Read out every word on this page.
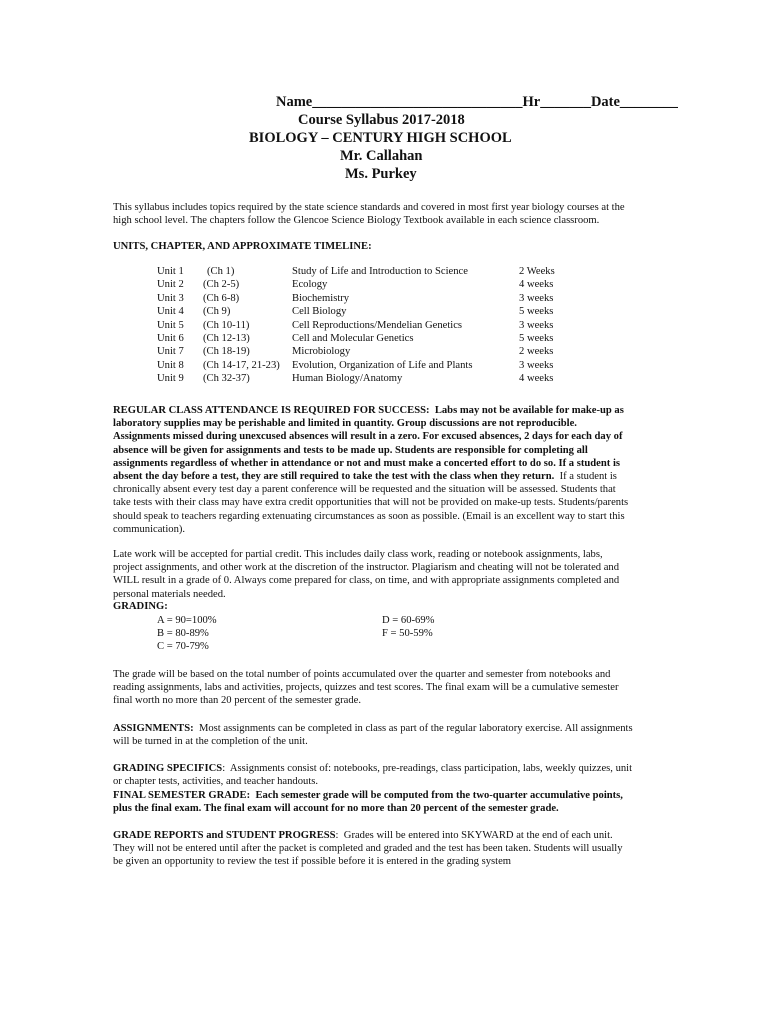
Name_____________________________Hr_______Date________
Course Syllabus 2017-2018
BIOLOGY – CENTURY HIGH SCHOOL
Mr. Callahan
Ms. Purkey
This syllabus includes topics required by the state science standards and covered in most first year biology courses at the high school level. The chapters follow the Glencoe Science Biology Textbook available in each science classroom.
UNITS, CHAPTER, AND APPROXIMATE TIMELINE:
Unit 1 (Ch 1)	Study of Life and Introduction to Science	2 Weeks
Unit 2 (Ch 2-5)	Ecology	4 weeks
Unit 3 (Ch 6-8)	Biochemistry	3 weeks
Unit 4 (Ch 9)	Cell Biology	5 weeks
Unit 5 (Ch 10-11)	Cell Reproductions/Mendelian Genetics	3 weeks
Unit 6 (Ch 12-13)	Cell and Molecular Genetics	5 weeks
Unit 7 (Ch 18-19)	Microbiology	2 weeks
Unit 8 (Ch 14-17, 21-23) Evolution, Organization of Life and Plants	3 weeks
Unit 9 (Ch 32-37)	Human Biology/Anatomy	4 weeks
REGULAR CLASS ATTENDANCE IS REQUIRED FOR SUCCESS:  Labs may not be available for make-up as laboratory supplies may be perishable and limited in quantity. Group discussions are not reproducible. Assignments missed during unexcused absences will result in a zero. For excused absences, 2 days for each day of absence will be given for assignments and tests to be made up. Students are responsible for completing all assignments regardless of whether in attendance or not and must make a concerted effort to do so. If a student is absent the day before a test, they are still required to take the test with the class when they return. If a student is chronically absent every test day a parent conference will be requested and the situation will be assessed. Students that take tests with their class may have extra credit opportunities that will not be provided on make-up tests. Students/parents should speak to teachers regarding extenuating circumstances as soon as possible. (Email is an excellent way to start this communication).
Late work will be accepted for partial credit. This includes daily class work, reading or notebook assignments, labs, project assignments, and other work at the discretion of the instructor. Plagiarism and cheating will not be tolerated and WILL result in a grade of 0. Always come prepared for class, on time, and with appropriate assignments completed and personal materials needed.
GRADING:
A = 90=100%
B = 80-89%
C = 70-79%
D = 60-69%
F = 50-59%
The grade will be based on the total number of points accumulated over the quarter and semester from notebooks and reading assignments, labs and activities, projects, quizzes and test scores. The final exam will be a cumulative semester final worth no more than 20 percent of the semester grade.
ASSIGNMENTS: Most assignments can be completed in class as part of the regular laboratory exercise. All assignments will be turned in at the completion of the unit.
GRADING SPECIFICS:  Assignments consist of: notebooks, pre-readings, class participation, labs, weekly quizzes, unit or chapter tests, activities, and teacher handouts.
FINAL SEMESTER GRADE: Each semester grade will be computed from the two-quarter accumulative points, plus the final exam. The final exam will account for no more than 20 percent of the semester grade.
GRADE REPORTS and STUDENT PROGRESS:  Grades will be entered into SKYWARD at the end of each unit. They will not be entered until after the packet is completed and graded and the test has been taken. Students will usually be given an opportunity to review the test if possible before it is entered in the grading system
